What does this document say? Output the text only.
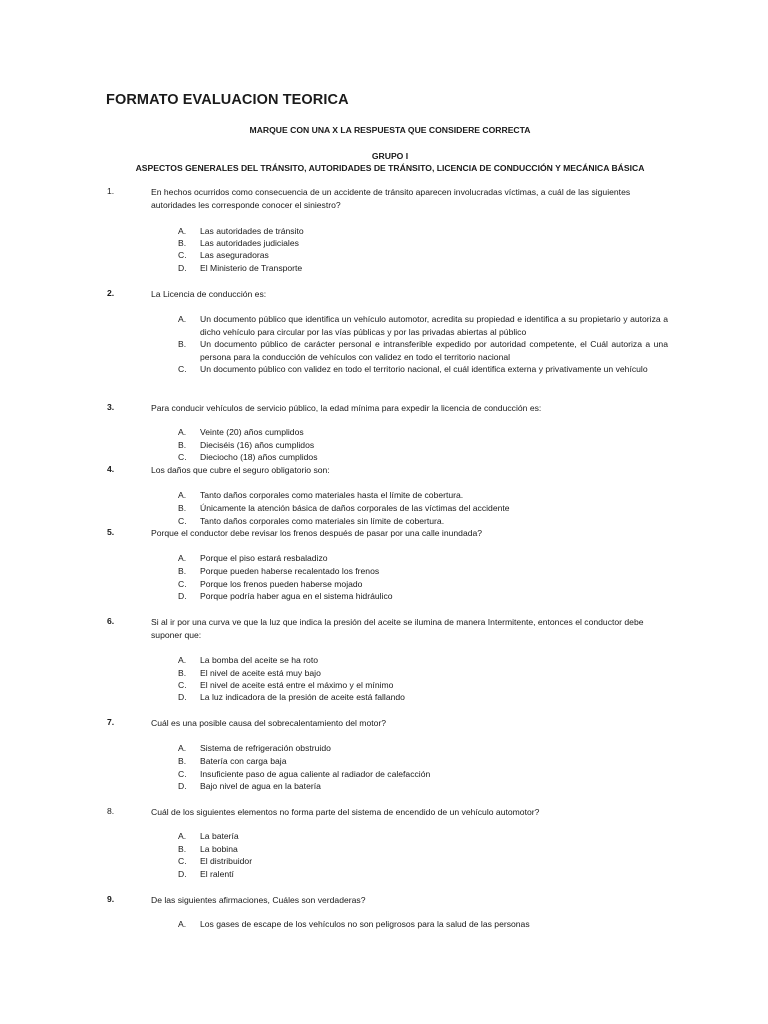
FORMATO EVALUACION TEORICA
MARQUE CON UNA X LA RESPUESTA QUE CONSIDERE CORRECTA
GRUPO I
ASPECTOS GENERALES DEL TRÁNSITO, AUTORIDADES DE TRÁNSITO, LICENCIA DE CONDUCCIÓN Y MECÁNICA BÁSICA
1.	En hechos ocurridos como consecuencia de un accidente de tránsito aparecen involucradas víctimas, a cuál de las siguientes autoridades les corresponde conocer el siniestro?
A. Las autoridades de tránsito
B. Las autoridades judiciales
C. Las aseguradoras
D. El Ministerio de Transporte
2.	La Licencia de conducción es:
A. Un documento público que identifica un vehículo automotor, acredita su propiedad e identifica a su propietario y autoriza a dicho vehículo para circular por las vías públicas y por las privadas abiertas al público
B. Un documento público de carácter personal e intransferible expedido por autoridad competente, el Cuál autoriza a una persona para la conducción de vehículos con validez en todo el territorio nacional
C. Un documento público con validez en todo el territorio nacional, el cuál identifica externa y privativamente un vehículo
3.	Para conducir vehículos de servicio público, la edad mínima para expedir la licencia de conducción es:
A. Veinte (20) años cumplidos
B. Dieciséis (16) años cumplidos
C. Dieciocho (18) años cumplidos
4.	Los daños que cubre el seguro obligatorio son:
A. Tanto daños corporales como materiales hasta el límite de cobertura.
B. Únicamente la atención básica de daños corporales de las víctimas del accidente
C. Tanto daños corporales como materiales sin límite de cobertura.
5.	Porque el conductor debe revisar los frenos después de pasar por una calle inundada?
A. Porque el piso estará resbaladizo
B. Porque pueden haberse recalentado los frenos
C. Porque los frenos pueden haberse mojado
D. Porque podría haber agua en el sistema hidráulico
6.	Si al ir por una curva ve que la luz que indica la presión del aceite se ilumina de manera Intermitente, entonces el conductor debe suponer que:
A. La bomba del aceite se ha roto
B. El nivel de aceite está muy bajo
C. El nivel de aceite está entre el máximo y el mínimo
D. La luz indicadora de la presión de aceite está fallando
7.	Cuál es una posible causa del sobrecalentamiento del motor?
A. Sistema de refrigeración obstruido
B. Batería con carga baja
C. Insuficiente paso de agua caliente al radiador de calefacción
D. Bajo nivel de agua en la batería
8.	Cuál de los siguientes elementos no forma parte del sistema de encendido de un vehículo automotor?
A. La batería
B. La bobina
C. El distribuidor
D. El ralentí
9.	De las siguientes afirmaciones, Cuáles son verdaderas?
A. Los gases de escape de los vehículos no son peligrosos para la salud de las personas
